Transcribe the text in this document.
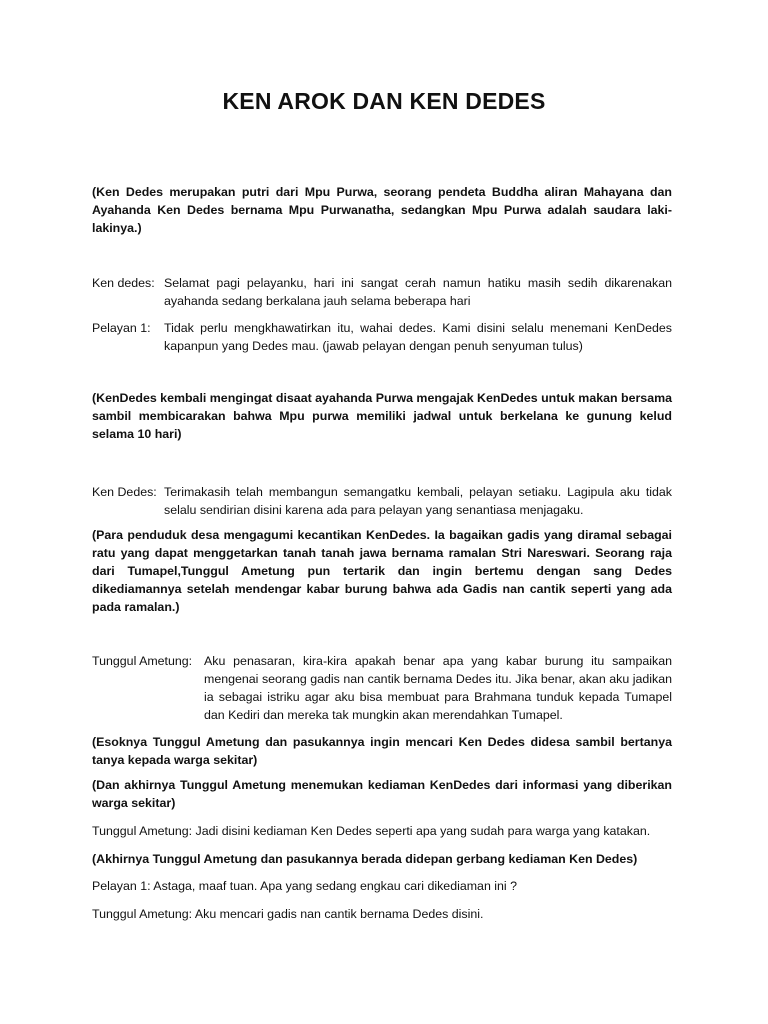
KEN AROK DAN KEN DEDES
(Ken Dedes merupakan putri dari Mpu Purwa, seorang pendeta Buddha aliran Mahayana dan Ayahanda Ken Dedes bernama Mpu Purwanatha, sedangkan Mpu Purwa adalah saudara laki-lakinya.)
Ken dedes: Selamat pagi pelayanku, hari ini sangat cerah namun hatiku masih sedih dikarenakan ayahanda sedang berkalana jauh selama beberapa hari
Pelayan 1: Tidak perlu mengkhawatirkan itu, wahai dedes. Kami disini selalu menemani KenDedes kapanpun yang Dedes mau. (jawab pelayan dengan penuh senyuman tulus)
(KenDedes kembali mengingat disaat ayahanda Purwa mengajak KenDedes untuk makan bersama sambil membicarakan bahwa Mpu purwa memiliki jadwal untuk berkelana ke gunung kelud selama 10 hari)
Ken Dedes: Terimakasih telah membangun semangatku kembali, pelayan setiaku. Lagipula aku tidak selalu sendirian disini karena ada para pelayan yang senantiasa menjagaku.
(Para penduduk desa mengagumi kecantikan KenDedes. Ia bagaikan gadis yang diramal sebagai ratu yang dapat menggetarkan tanah tanah jawa bernama ramalan Stri Nareswari. Seorang raja dari Tumapel,Tunggul Ametung pun tertarik dan ingin bertemu dengan sang Dedes dikediamannya setelah mendengar kabar burung bahwa ada Gadis nan cantik seperti yang ada pada ramalan.)
Tunggul Ametung: Aku penasaran, kira-kira apakah benar apa yang kabar burung itu sampaikan mengenai seorang gadis nan cantik bernama Dedes itu. Jika benar, akan aku jadikan ia sebagai istriku agar aku bisa membuat para Brahmana tunduk kepada Tumapel dan Kediri dan mereka tak mungkin akan merendahkan Tumapel.
(Esoknya Tunggul Ametung dan pasukannya ingin mencari Ken Dedes didesa sambil bertanya tanya kepada warga sekitar)
(Dan akhirnya Tunggul Ametung menemukan kediaman KenDedes dari informasi yang diberikan warga sekitar)
Tunggul Ametung: Jadi disini kediaman Ken Dedes seperti apa yang sudah para warga yang katakan.
(Akhirnya Tunggul Ametung dan pasukannya berada didepan gerbang kediaman Ken Dedes)
Pelayan 1: Astaga, maaf tuan. Apa yang sedang engkau cari dikediaman ini ?
Tunggul Ametung: Aku mencari gadis nan cantik bernama Dedes disini.
